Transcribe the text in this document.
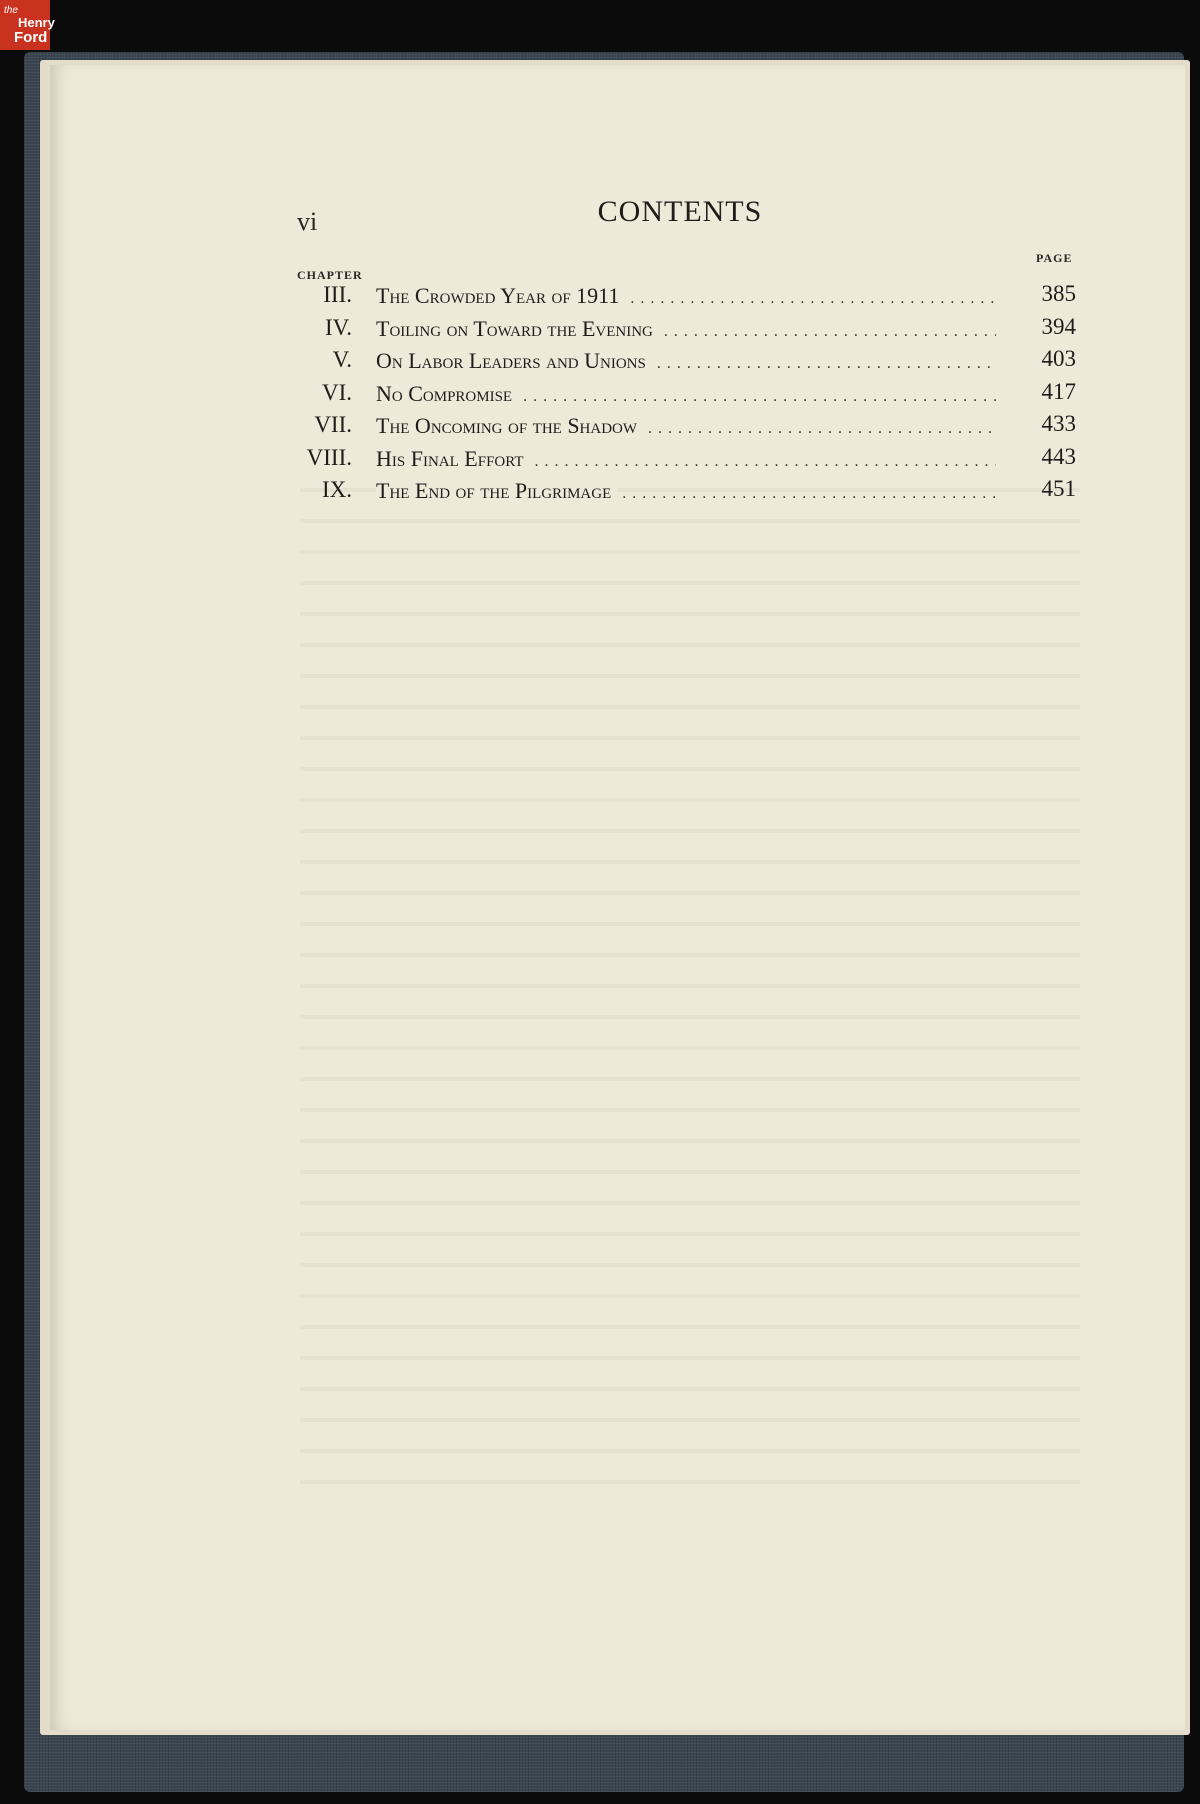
the
Henry
Ford
vi	CONTENTS
PAGE
CHAPTER
III. The Crowded Year of 1911 . . .	385
IV. Toiling on Toward the Evening . . .	394
V. On Labor Leaders and Unions . . .	403
VI. No Compromise . . .	417
VII. The Oncoming of the Shadow . . .	433
VIII. His Final Effort . . .	443
IX. The End of the Pilgrimage . . .	451
